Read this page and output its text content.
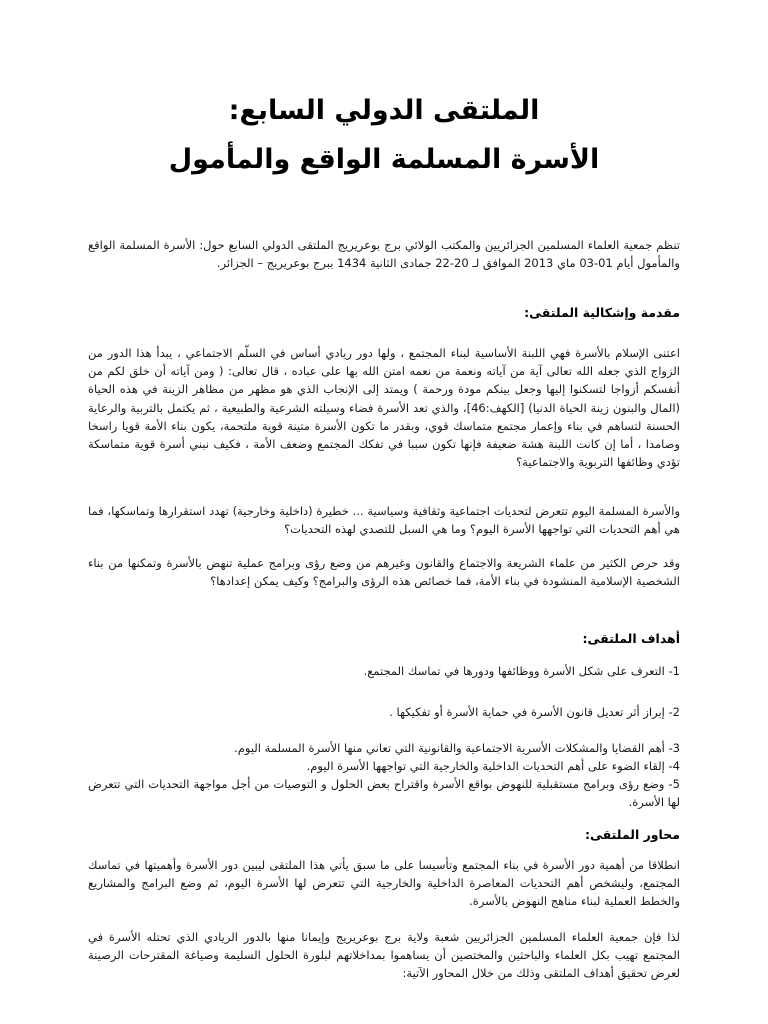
الملتقى الدولي السابع:
الأسرة المسلمة الواقع والمأمول
تنظم جمعية العلماء المسلمين الجزائريين والمكتب الولائي برج بوعريريج الملتقى الدولي السابع حول: الأسرة المسلمة الواقع والمأمول أيام 01-03 ماي 2013 الموافق لـ 20-22 جمادى الثانية 1434 ببرج بوعريريج – الجزائر.
مقدمة وإشكالية الملتقى:
اعتنى الإسلام بالأسرة فهي اللبنة الأساسية لبناء المجتمع ، ولها دور ريادي أساس في السلّم الاجتماعي ، يبدأ هذا الدور من الزواج الذي جعله الله تعالى آية من آياته ونعمة من نعمه امتن الله بها على عباده ، قال تعالى: ( ومن آياته أن خلق لكم من أنفسكم أزواجا لتسكنوا إليها وجعل بينكم مودة ورحمة ) ويمتد إلى الإنجاب الذي هو مظهر من مظاهر الزينة في هذه الحياة (المال والبنون زينة الحياة الدنيا) [الكهف:46]، والذي تعد الأسرة فضاء وسيلته الشرعية والطبيعية ، ثم يكتمل بالتربية والرعاية الحسنة لتساهم في بناء وإعمار مجتمع متماسك قوي، وبقدر ما تكون الأسرة متينة قوية ملتحمة، يكون بناء الأمة قويا راسخا وصامدا ، أما إن كانت اللبنة هشة ضعيفة فإنها تكون سببا في تفكك المجتمع وضعف الأمة ، فكيف نبني أسرة قوية متماسكة تؤدي وظائفها التربوية والاجتماعية؟
والأسرة المسلمة اليوم تتعرض لتحديات اجتماعية وثقافية وسياسية ... خطيرة (داخلية وخارجية) تهدد استقرارها وتماسكها، فما هي أهم التحديات التي تواجهها الأسرة اليوم؟ وما هي السبل للتصدي لهذه التحديات؟
وقد حرص الكثير من علماء الشريعة والاجتماع والقانون وغيرهم من وضع رؤى وبرامج عملية تنهض بالأسرة وتمكنها من بناء الشخصية الإسلامية المنشودة في بناء الأمة، فما خصائص هذه الرؤى والبرامج؟ وكيف يمكن إعدادها؟
أهداف الملتقى:
1- التعرف على شكل الأسرة ووظائفها ودورها في تماسك المجتمع.
2- إبراز أثر تعديل قانون الأسرة في حماية الأسرة أو تفكيكها .
3- أهم القضايا والمشكلات الأسرية الاجتماعية والقانونية التي تعاني منها الأسرة المسلمة اليوم.
4- إلقاء الضوء على أهم التحديات الداخلية والخارجية التي تواجهها الأسرة اليوم.
5- وضع رؤى وبرامج مستقبلية للنهوض بواقع الأسرة واقتراح بعض الحلول و التوصيات من أجل مواجهة التحديات التي تتعرض لها الأسرة.
محاور الملتقى:
انطلاقا من أهمية دور الأسرة في بناء المجتمع وتأسيسا على ما سبق يأتي هذا الملتقى ليبين دور الأسرة وأهميتها في تماسك المجتمع، وليشخص أهم التحديات المعاصرة الداخلية والخارجية التي تتعرض لها الأسرة اليوم، ثم وضع البرامج والمشاريع والخطط العملية لبناء مناهج النهوض بالأسرة.
لذا فإن جمعية العلماء المسلمين الجزائريين شعبة ولاية برج بوعريريج وإيمانا منها بالدور الريادي الذي تحتله الأسرة في المجتمع تهيب بكل العلماء والباحثين والمختصين أن يساهموا بمداخلاتهم لبلورة الحلول السليمة وصياغة المقترحات الرصينة لعرض تحقيق أهداف الملتقى وذلك من خلال المحاور الآتية:
